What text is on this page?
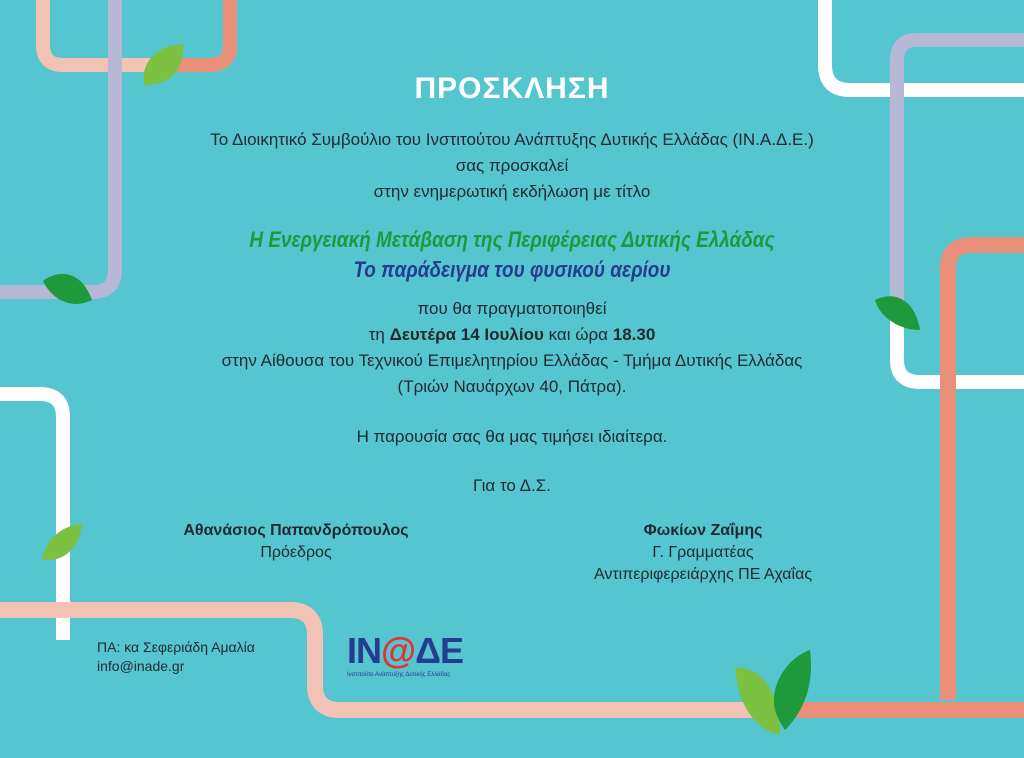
ΠΡΟΣΚΛΗΣΗ
Το Διοικητικό Συμβούλιο του Ινστιτούτου Ανάπτυξης Δυτικής Ελλάδας (ΙΝ.Α.Δ.Ε.)
σας προσκαλεί
στην ενημερωτική εκδήλωση με τίτλο
Η Ενεργειακή Μετάβαση της Περιφέρειας Δυτικής Ελλάδας
Το παράδειγμα του φυσικού αερίου
που θα πραγματοποιηθεί
τη Δευτέρα 14 Ιουλίου και ώρα 18.30
στην Αίθουσα του Τεχνικού Επιμελητηρίου Ελλάδας - Τμήμα Δυτικής Ελλάδας
(Τριών Ναυάρχων 40, Πάτρα).
Η παρουσία σας θα μας τιμήσει ιδιαίτερα.
Για το Δ.Σ.
Αθανάσιος Παπανδρόπουλος
Πρόεδρος
Φωκίων Ζαΐμης
Γ. Γραμματέας
Αντιπεριφερειάρχης ΠΕ Αχαΐας
ΠΑ: κα Σεφεριάδη Αμαλία
info@inade.gr	ΙΝ@ΔΕ
Ινστιτούτο Ανάπτυξης Δυτικής Ελλάδας
